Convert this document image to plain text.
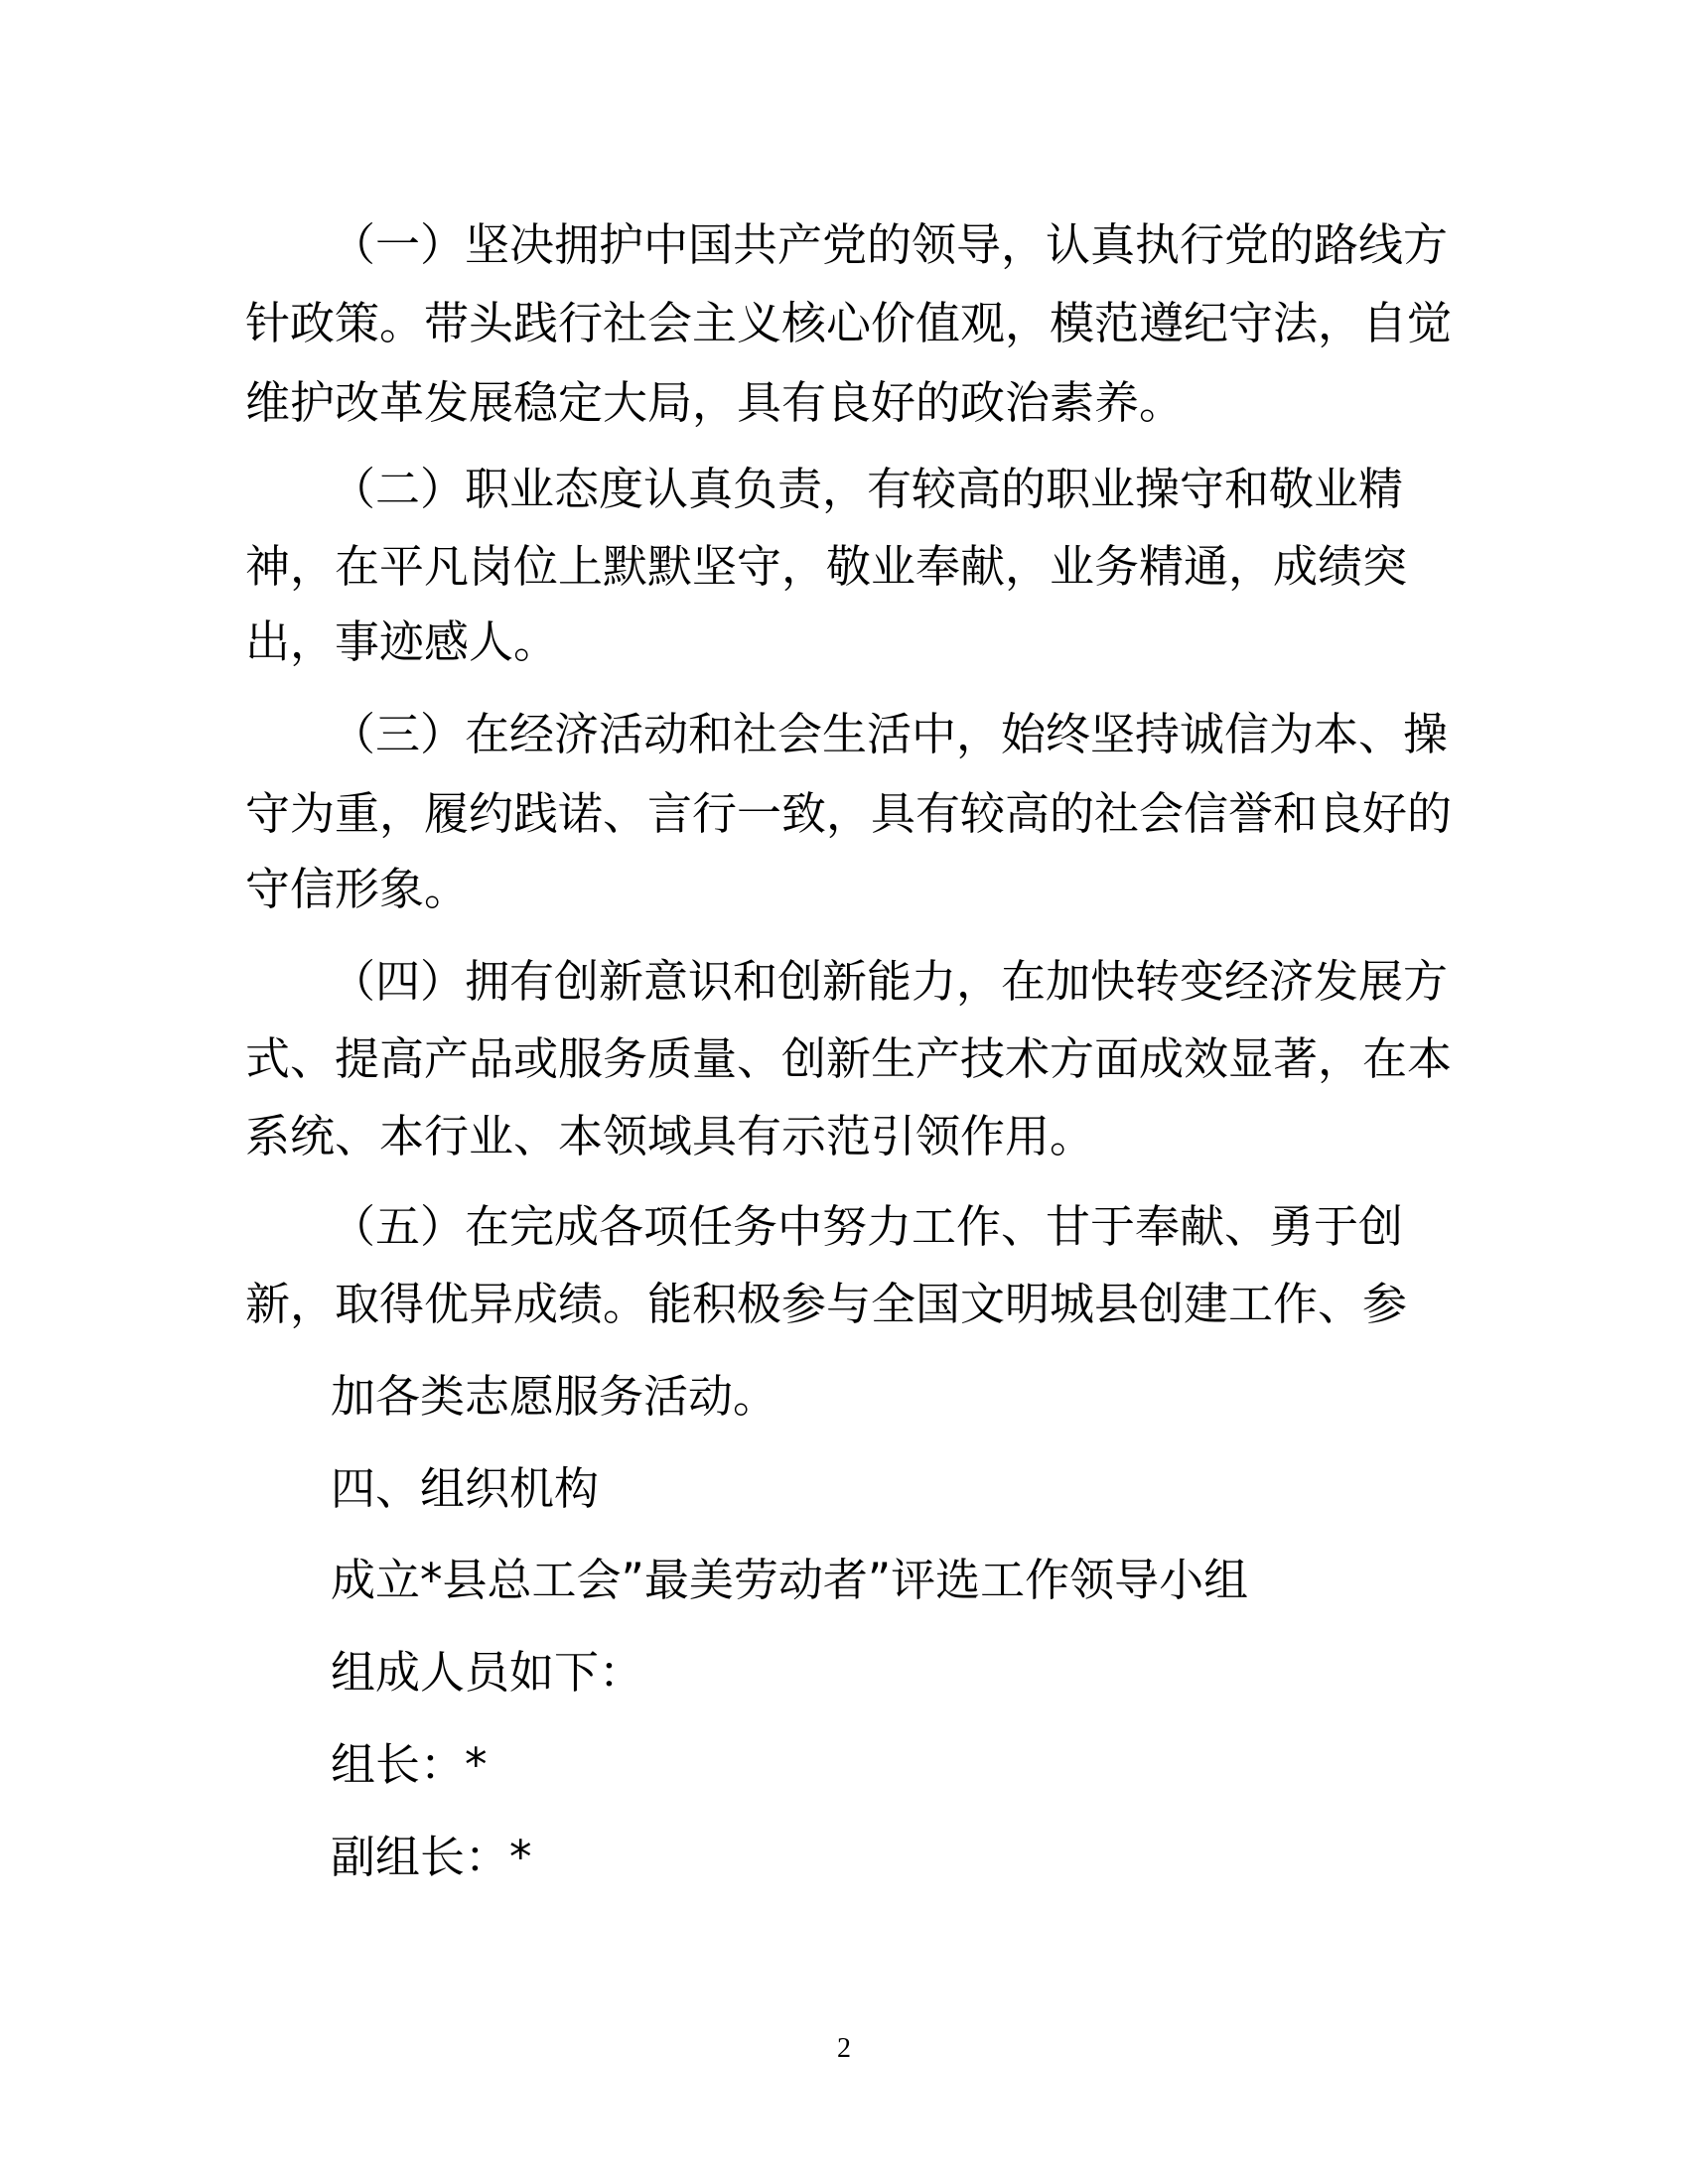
（一）坚决拥护中国共产党的领导，认真执行党的路线方
针政策。带头践行社会主义核心价值观，模范遵纪守法，自觉
维护改革发展稳定大局，具有良好的政治素养。
（二）职业态度认真负责，有较高的职业操守和敬业精
神，在平凡岗位上默默坚守，敬业奉献，业务精通，成绩突
出，事迹感人。
（三）在经济活动和社会生活中，始终坚持诚信为本、操
守为重，履约践诺、言行一致，具有较高的社会信誉和良好的
守信形象。
（四）拥有创新意识和创新能力，在加快转变经济发展方
式、提高产品或服务质量、创新生产技术方面成效显著，在本
系统、本行业、本领域具有示范引领作用。
（五）在完成各项任务中努力工作、甘于奉献、勇于创
新，取得优异成绩。能积极参与全国文明城县创建工作、参
加各类志愿服务活动。
四、组织机构
成立*县总工会”最美劳动者”评选工作领导小组
组成人员如下：
组长：*
副组长：*
2
